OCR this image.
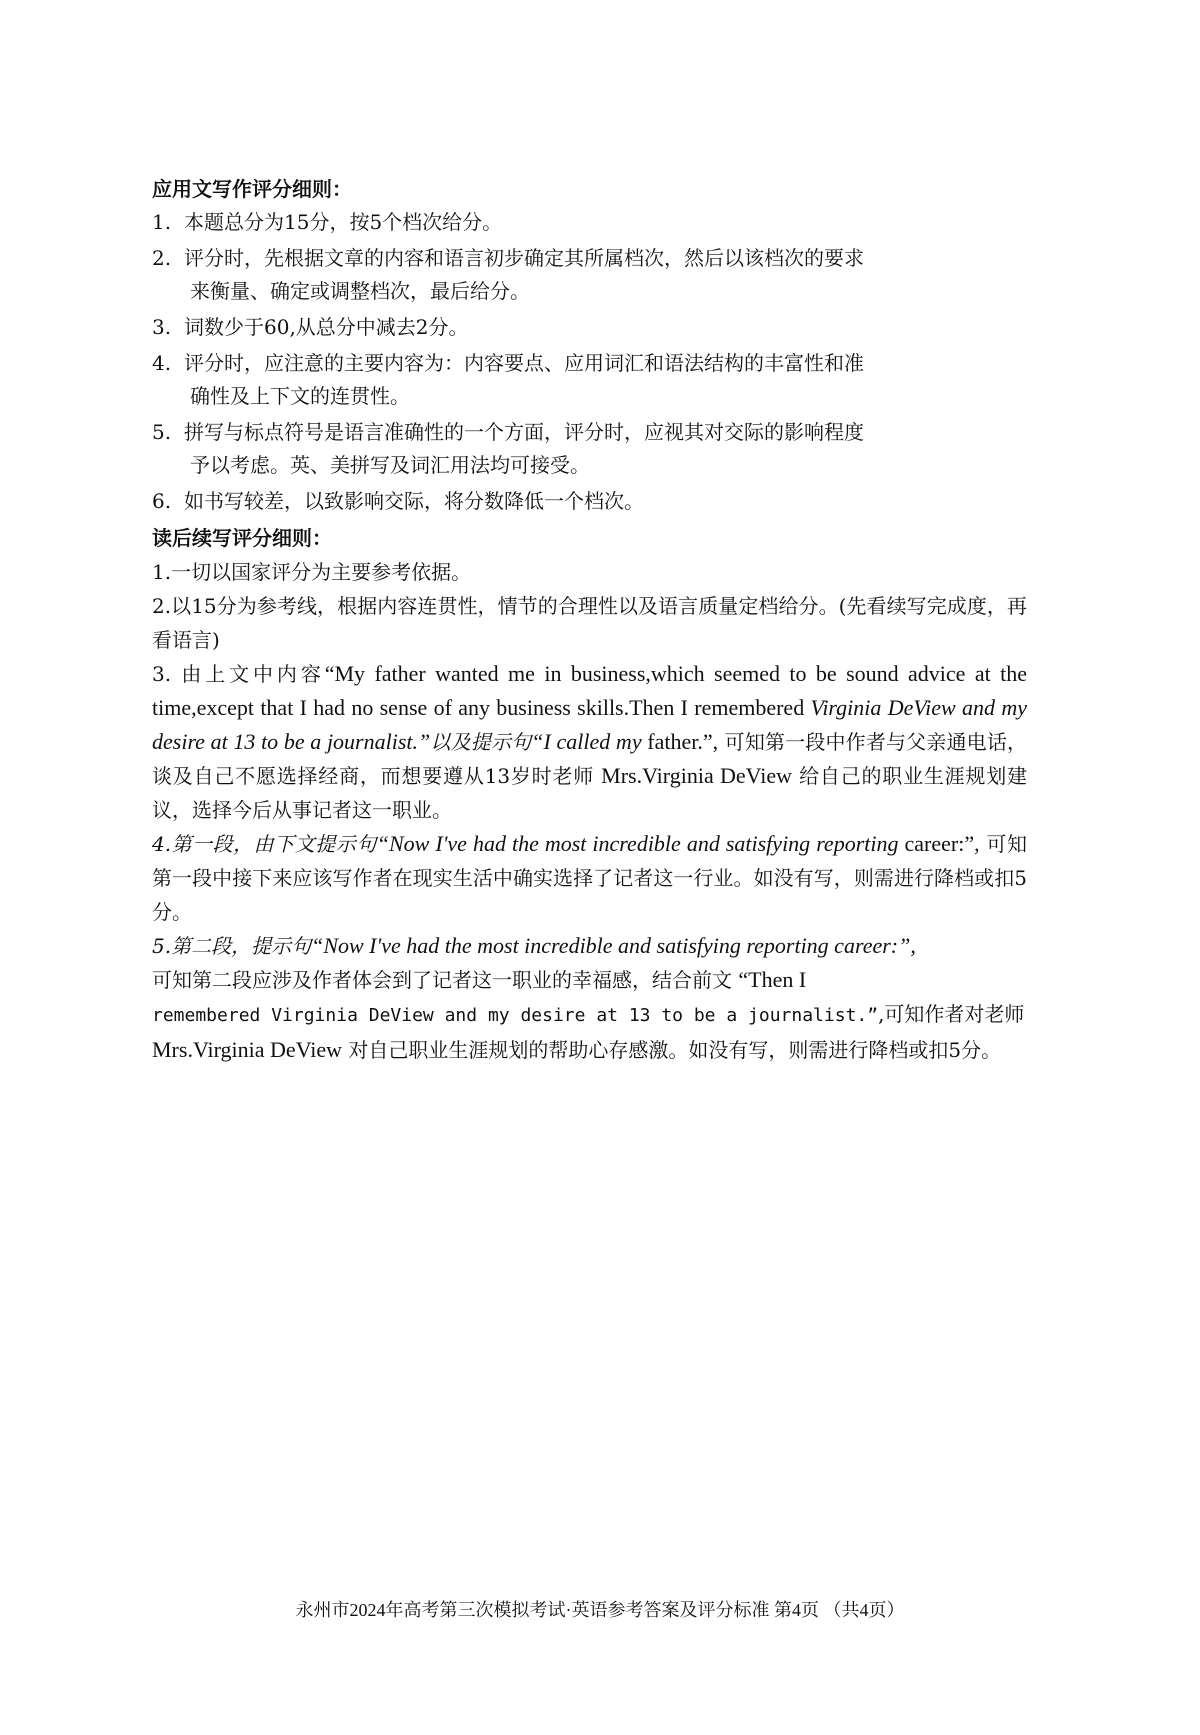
应用文写作评分细则：

1. 本题总分为15分，按5个档次给分。
2. 评分时，先根据文章的内容和语言初步确定其所属档次，然后以该档次的要求
来衡量、确定或调整档次，最后给分。
3. 词数少于60,从总分中减去2分。
4. 评分时，应注意的主要内容为：内容要点、应用词汇和语法结构的丰富性和准
确性及上下文的连贯性。
5. 拼写与标点符号是语言准确性的一个方面，评分时，应视其对交际的影响程度
予以考虑。英、美拼写及词汇用法均可接受。
6. 如书写较差，以致影响交际，将分数降低一个档次。

读后续写评分细则：

1.一切以国家评分为主要参考依据。

2.以15分为参考线，根据内容连贯性，情节的合理性以及语言质量定档给分。(先看续写完成度，再看语言)

3. 由上文中内容“My father wanted me in business,which seemed to be sound advice at the time,except that I had no sense of any business skills.Then I remembered Virginia DeView and my desire at 13 to be a journalist.”以及提示句“I called my father.”, 可知第一段中作者与父亲通电话，谈及自己不愿选择经商，而想要遵从13岁时老师 Mrs.Virginia DeView 给自己的职业生涯规划建议，选择今后从事记者这一职业。

4.第一段，由下文提示句“Now I've had the most incredible and satisfying reporting career:”, 可知第一段中接下来应该写作者在现实生活中确实选择了记者这一行业。如没有写，则需进行降档或扣5分。

5.第二段，提示句“Now I've had the most incredible and satisfying reporting career:”,
可知第二段应涉及作者体会到了记者这一职业的幸福感，结合前文 “Then I
remembered Virginia DeView and my desire at 13 to be a journalist.”,可知作者对老师
Mrs.Virginia DeView 对自己职业生涯规划的帮助心存感激。如没有写，则需进行降档或扣5分。

永州市2024年高考第三次模拟考试·英语参考答案及评分标准 第4页 （共4页）
